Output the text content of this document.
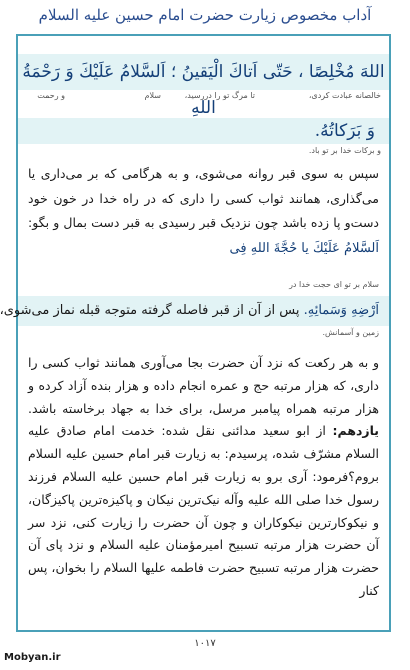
آداب مخصوص زیارت حضرت امام حسین عليه السلام
اللهَ مُخْلِصًا ، حَتّى اَتاكَ الْيَقينُ ؛ اَلسَّلامُ عَلَيْكَ وَ رَحْمَةُ اللهِ
خالصانه عبادت کردی،
تا مرگ تو را دررسید،
سلام
و رحمت
وَ بَرَكاتُهُ.
و برکات خدا بر تو باد.
سپس به سوی قبر روانه می‌شوی، و به هرگامی که بر می‌داری یا می‌گذاری، همانند ثواب کسی را داری که در راه خدا در خون خود دست‌و پا زده باشد چون نزدیک قبر رسیدی به قبر دست بمال و بگو: اَلسَّلامُ عَلَيْكَ يا حُجَّةَ اللهِ فِى
سلام بر تو ای حجت خدا در
اَرْضِهِ وَسَمائِهِ. پس از آن از قبر فاصله گرفته متوجه قبله نماز می‌شوی،
زمین و آسمانش.
و به هر رکعت که نزد آن حضرت بجا می‌آوری همانند ثواب کسی را داری، که هزار مرتبه حج و عمره انجام داده و هزار بنده آزاد کرده و هزار مرتبه همراه پیامبر مرسل، برای خدا به جهاد برخاسته باشد. یازدهم: از ابو سعید مدائنی نقل شده: خدمت امام صادق عليه السلام مشرّف شده، پرسیدم: به زیارت قبر امام حسین عليه السلام بروم؟فرمود: آری برو به زیارت قبر امام حسین عليه السلام فرزند رسول خدا صلى الله عليه وآله نیک‌ترین نیکان و پاکیزه‌ترین پاکیزگان، و نیکوکارترین نیکوکاران و چون آن حضرت را زیارت کنی، نزد سر آن حضرت هزار مرتبه تسبیح امیرمؤمنان عليه السلام و نزد پای آن حضرت هزار مرتبه تسبیح حضرت فاطمه عليها السلام را بخوان، پس کنار
۱۰۱۷
Mobyan.ir
